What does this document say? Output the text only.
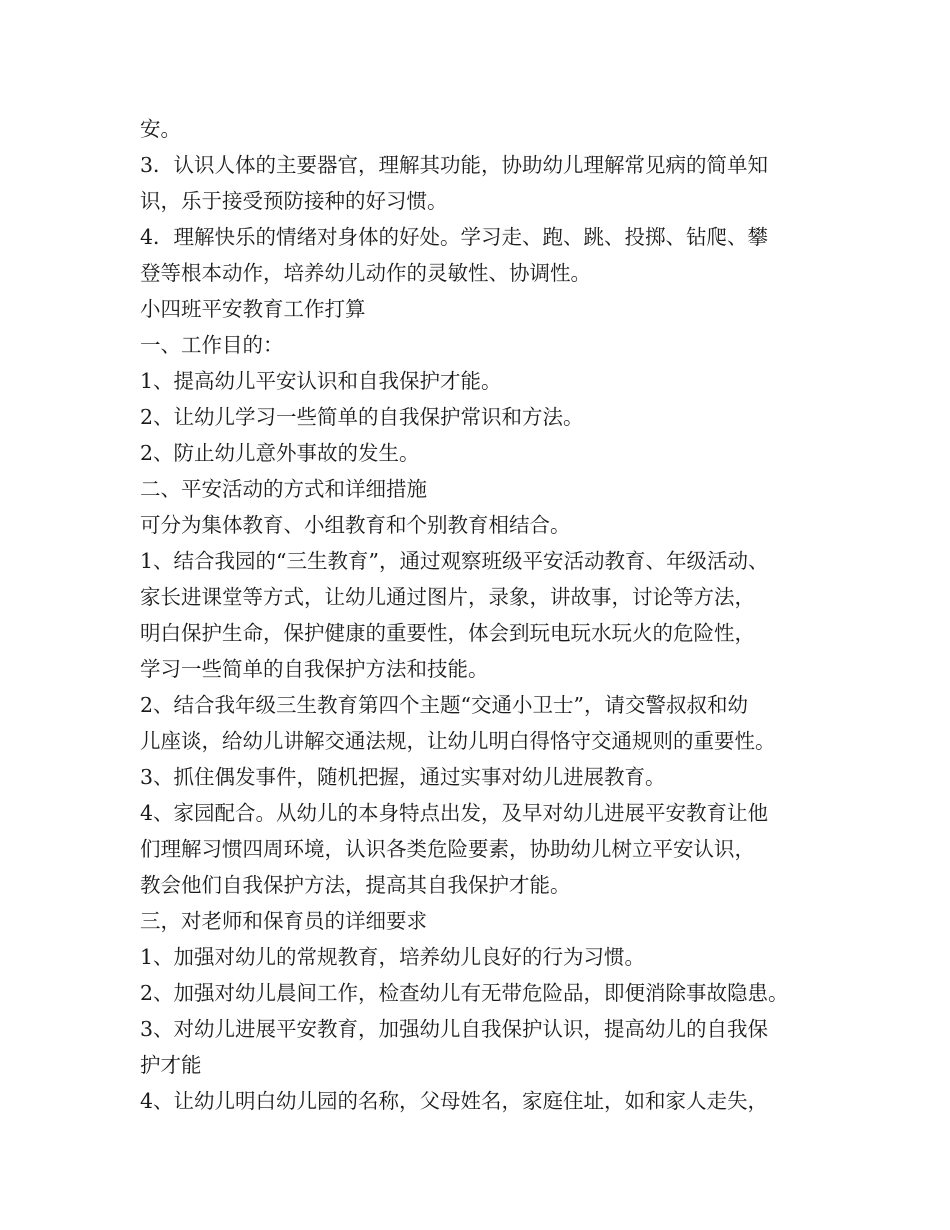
安。

3．认识人体的主要器官，理解其功能，协助幼儿理解常见病的简单知

识，乐于接受预防接种的好习惯。

4．理解快乐的情绪对身体的好处。学习走、跑、跳、投掷、钻爬、攀

登等根本动作，培养幼儿动作的灵敏性、协调性。

小四班平安教育工作打算

一、工作目的：

1、提高幼儿平安认识和自我保护才能。

2、让幼儿学习一些简单的自我保护常识和方法。

2、防止幼儿意外事故的发生。

二、平安活动的方式和详细措施

可分为集体教育、小组教育和个别教育相结合。

1、结合我园的“三生教育”，通过观察班级平安活动教育、年级活动、

家长进课堂等方式，让幼儿通过图片，录象，讲故事，讨论等方法，

明白保护生命，保护健康的重要性，体会到玩电玩水玩火的危险性，

学习一些简单的自我保护方法和技能。

2、结合我年级三生教育第四个主题“交通小卫士”，请交警叔叔和幼

儿座谈，给幼儿讲解交通法规，让幼儿明白得恪守交通规则的重要性。

3、抓住偶发事件，随机把握，通过实事对幼儿进展教育。

4、家园配合。从幼儿的本身特点出发，及早对幼儿进展平安教育让他

们理解习惯四周环境，认识各类危险要素，协助幼儿树立平安认识，

教会他们自我保护方法，提高其自我保护才能。

三，对老师和保育员的详细要求

1、加强对幼儿的常规教育，培养幼儿良好的行为习惯。

2、加强对幼儿晨间工作，检查幼儿有无带危险品，即便消除事故隐患。

3、对幼儿进展平安教育，加强幼儿自我保护认识，提高幼儿的自我保

护才能

4、让幼儿明白幼儿园的名称，父母姓名，家庭住址，如和家人走失，
